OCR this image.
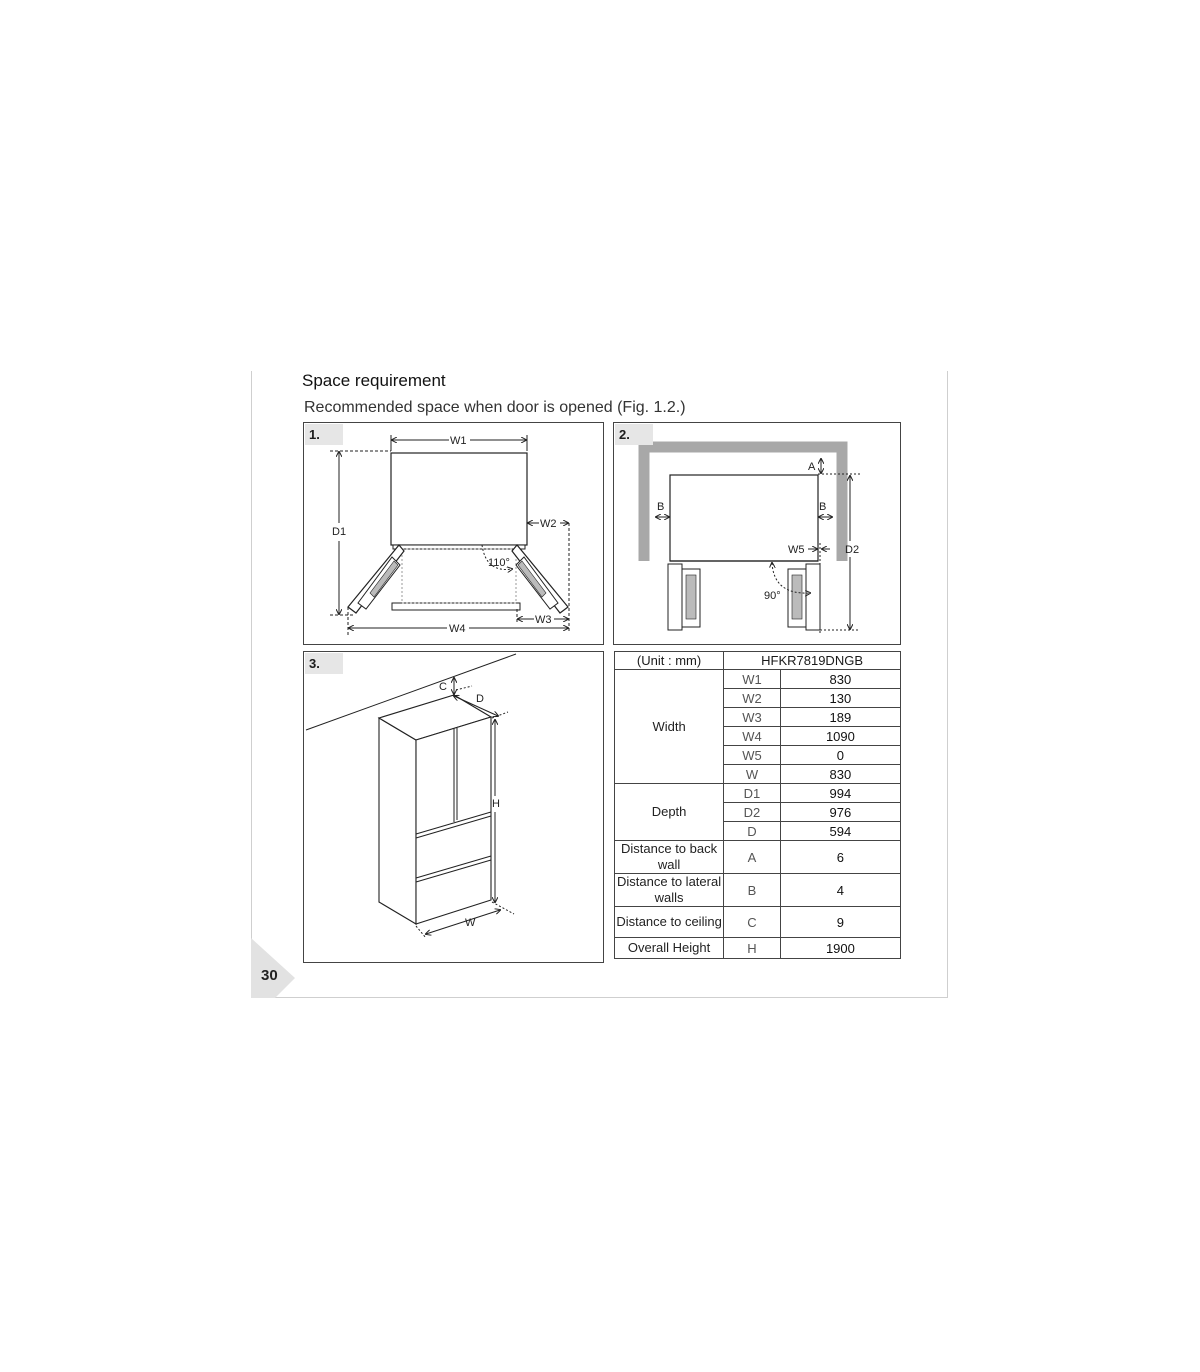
Space requirement
Recommended space when door is opened (Fig. 1.2.)
W1
W2
W3
W4
D1
110°
1.
A
B	B
W5	D2
90°
2.
C
D
H
W
3.	(Unit : mm)	HFKR7819DNGB	
Width	W1	830
	W2	130
	W3	189
	W4	1090
	W5	0
	W	830
Depth	D1	994
	D2	976
	D	594
Distance to back wall	A	6
Distance to lateral walls	B	4
Distance to ceiling	C	9
Overall Height	H	1900
30
